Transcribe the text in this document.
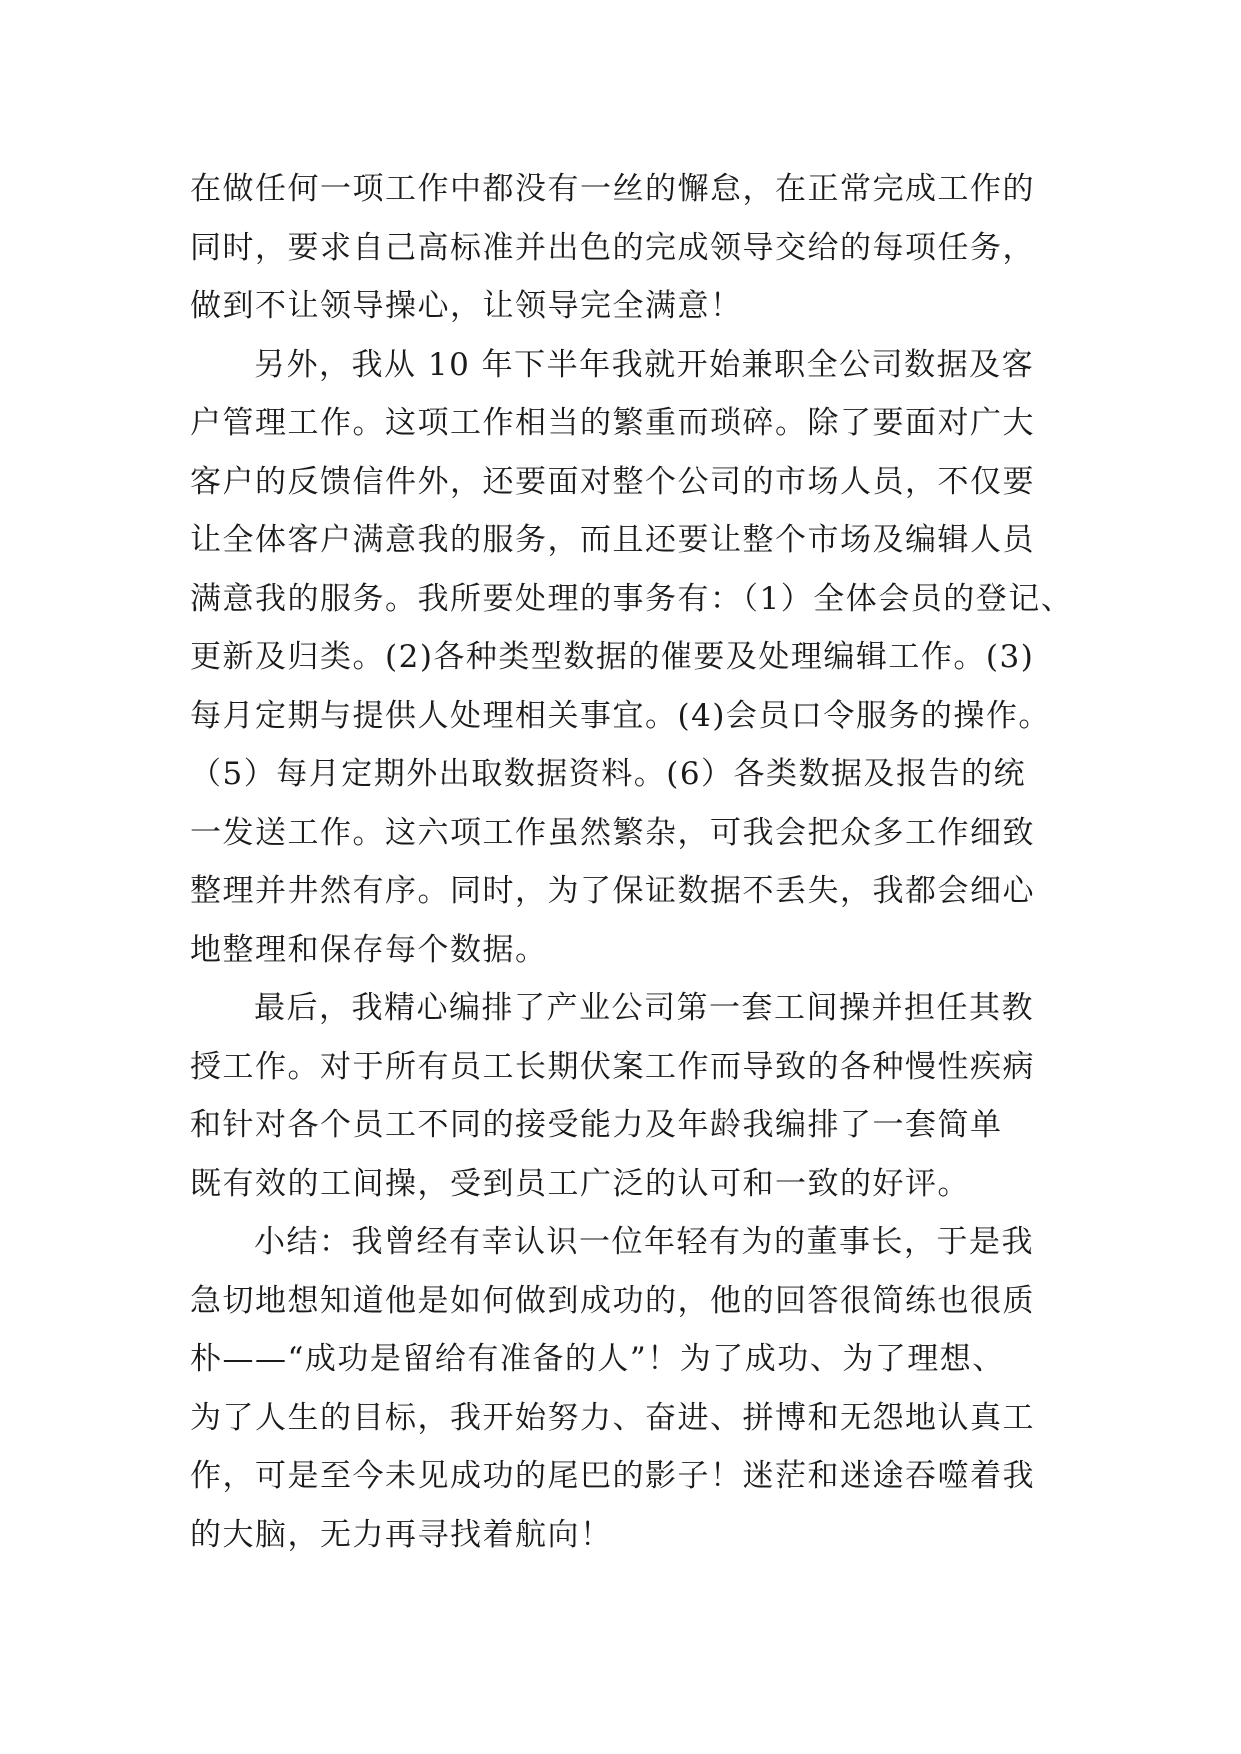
在做任何一项工作中都没有一丝的懈怠，在正常完成工作的
同时，要求自己高标准并出色的完成领导交给的每项任务，
做到不让领导操心，让领导完全满意！
另外，我从 10 年下半年我就开始兼职全公司数据及客
户管理工作。这项工作相当的繁重而琐碎。除了要面对广大
客户的反馈信件外，还要面对整个公司的市场人员，不仅要
让全体客户满意我的服务，而且还要让整个市场及编辑人员
满意我的服务。我所要处理的事务有：（1）全体会员的登记、
更新及归类。(2)各种类型数据的催要及处理编辑工作。(3)
每月定期与提供人处理相关事宜。(4)会员口令服务的操作。
（5）每月定期外出取数据资料。(6）各类数据及报告的统
一发送工作。这六项工作虽然繁杂，可我会把众多工作细致
整理并井然有序。同时，为了保证数据不丢失，我都会细心
地整理和保存每个数据。
最后，我精心编排了产业公司第一套工间操并担任其教
授工作。对于所有员工长期伏案工作而导致的各种慢性疾病
和针对各个员工不同的接受能力及年龄我编排了一套简单
既有效的工间操，受到员工广泛的认可和一致的好评。
小结：我曾经有幸认识一位年轻有为的董事长，于是我
急切地想知道他是如何做到成功的，他的回答很简练也很质
朴——“成功是留给有准备的人”！为了成功、为了理想、
为了人生的目标，我开始努力、奋进、拼博和无怨地认真工
作，可是至今未见成功的尾巴的影子！迷茫和迷途吞噬着我
的大脑，无力再寻找着航向！
